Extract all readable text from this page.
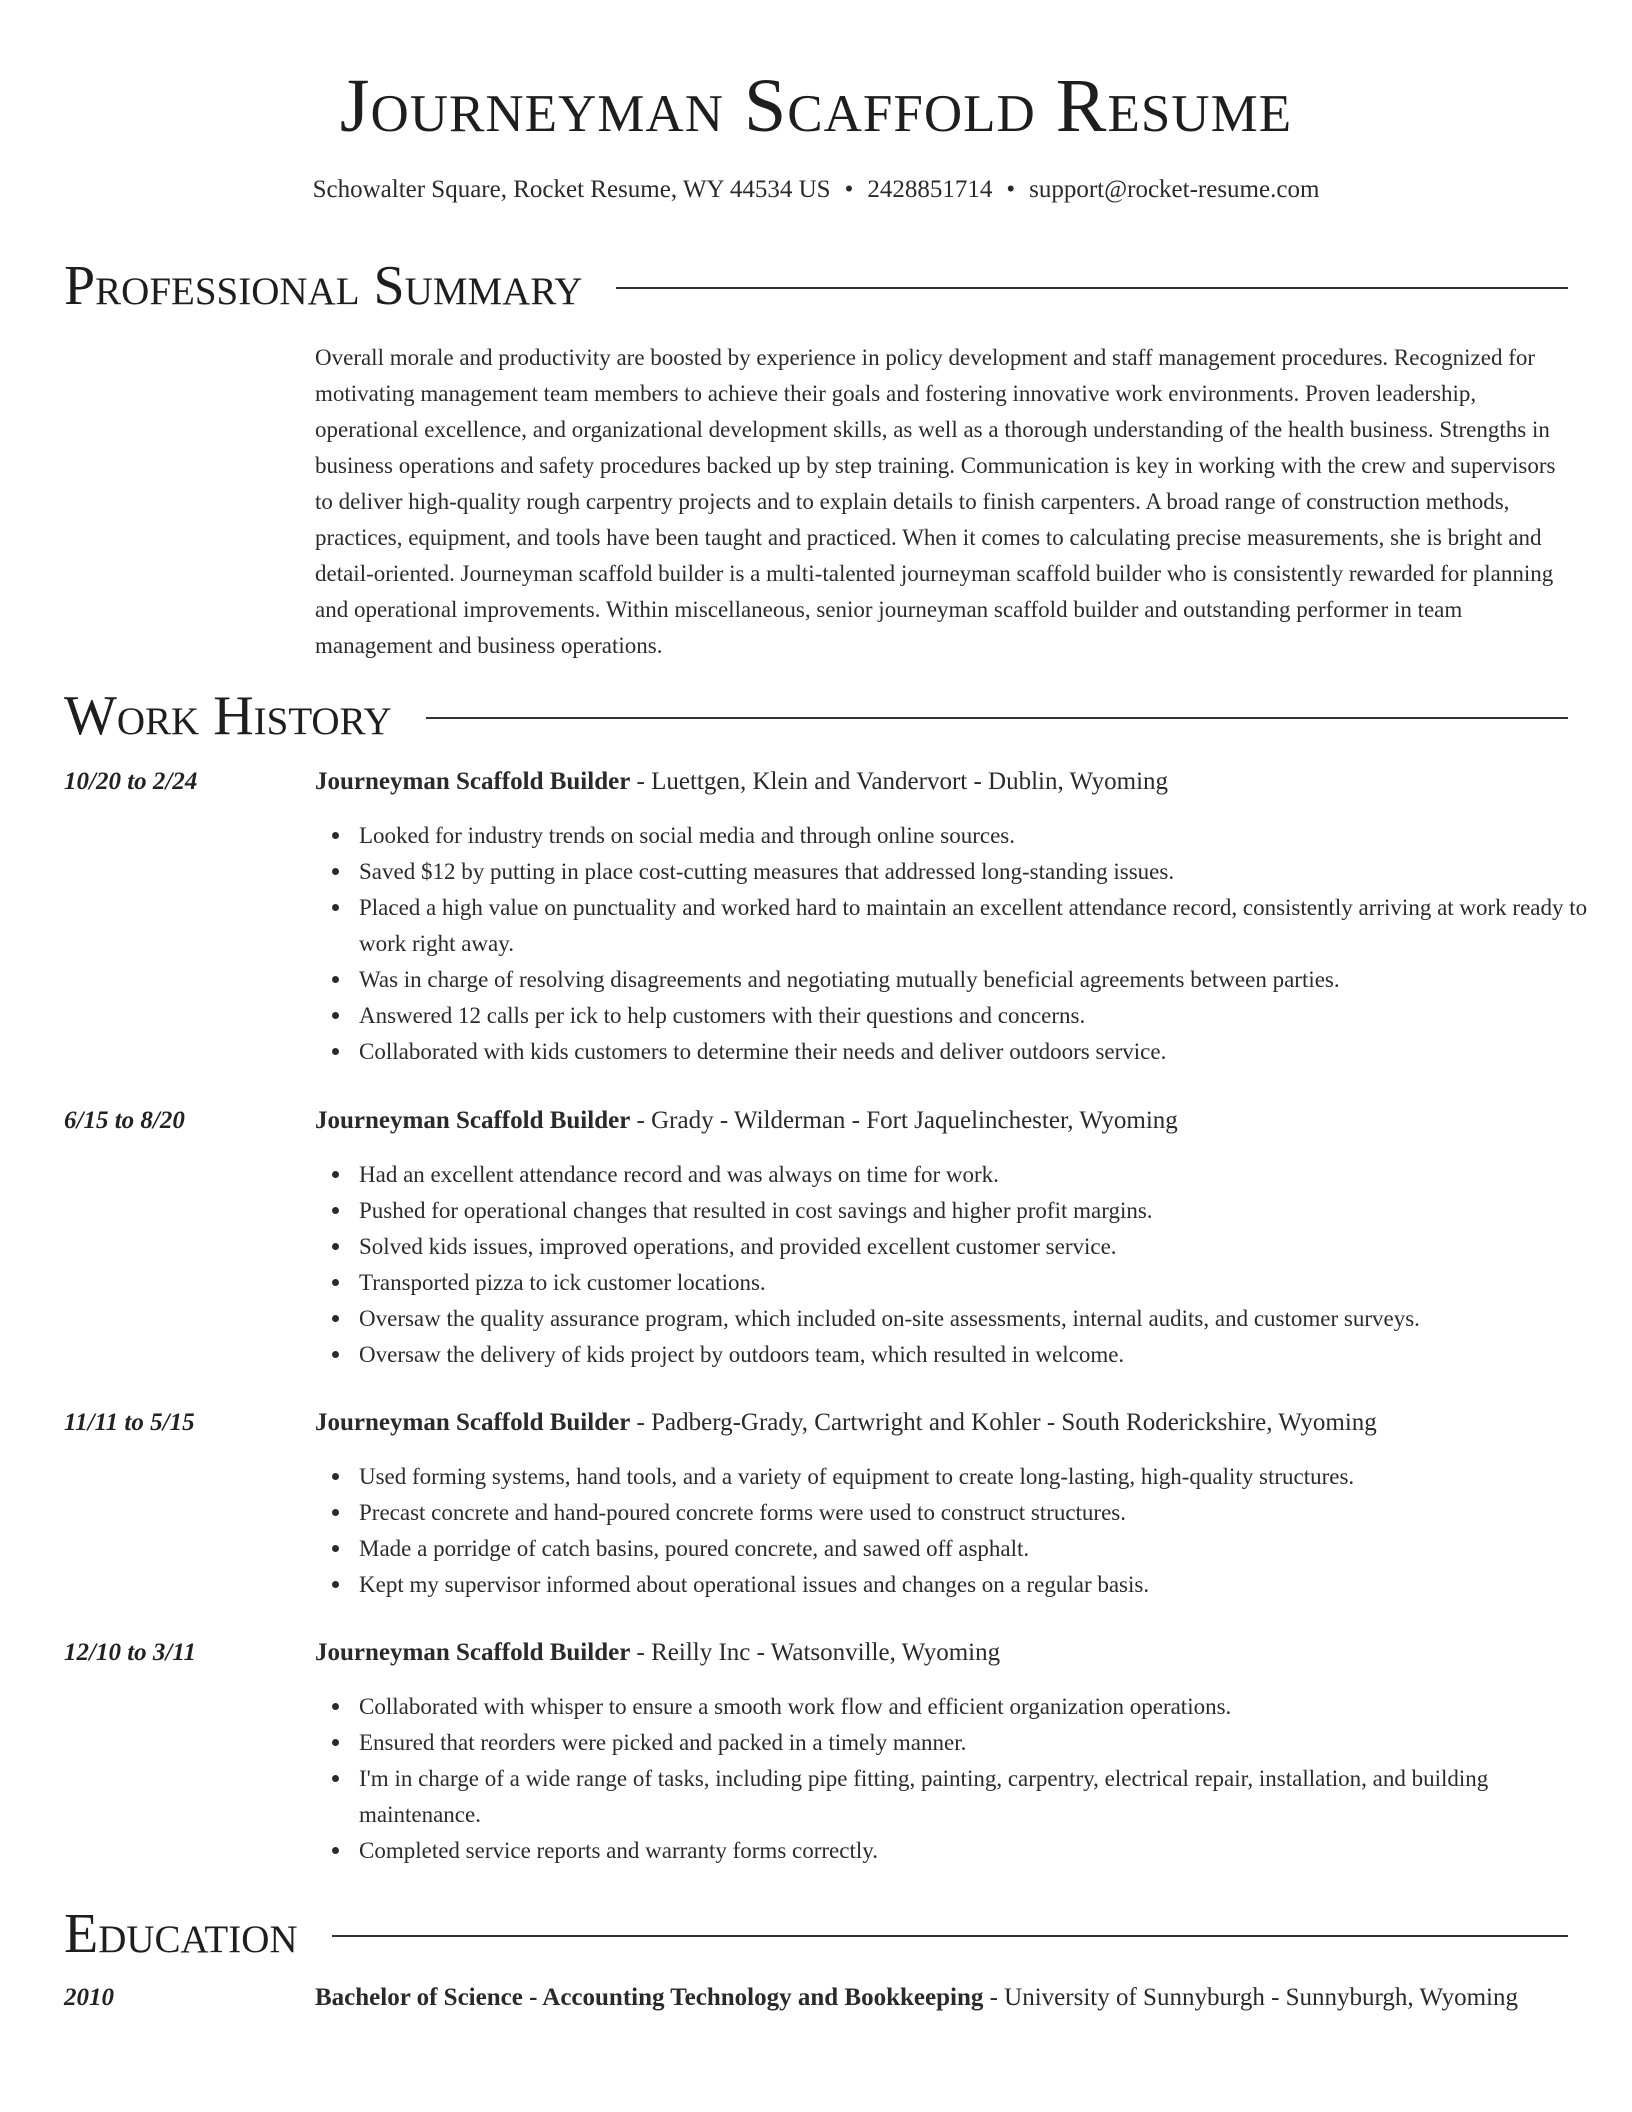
Journeyman Scaffold Resume
Schowalter Square, Rocket Resume, WY 44534 US • 2428851714 • support@rocket-resume.com
Professional Summary
Overall morale and productivity are boosted by experience in policy development and staff management procedures. Recognized for motivating management team members to achieve their goals and fostering innovative work environments. Proven leadership, operational excellence, and organizational development skills, as well as a thorough understanding of the health business. Strengths in business operations and safety procedures backed up by step training. Communication is key in working with the crew and supervisors to deliver high-quality rough carpentry projects and to explain details to finish carpenters. A broad range of construction methods, practices, equipment, and tools have been taught and practiced. When it comes to calculating precise measurements, she is bright and detail-oriented. Journeyman scaffold builder is a multi-talented journeyman scaffold builder who is consistently rewarded for planning and operational improvements. Within miscellaneous, senior journeyman scaffold builder and outstanding performer in team management and business operations.
Work History
10/20 to 2/24	Journeyman Scaffold Builder - Luettgen, Klein and Vandervort - Dublin, Wyoming
Looked for industry trends on social media and through online sources.
Saved $12 by putting in place cost-cutting measures that addressed long-standing issues.
Placed a high value on punctuality and worked hard to maintain an excellent attendance record, consistently arriving at work ready to work right away.
Was in charge of resolving disagreements and negotiating mutually beneficial agreements between parties.
Answered 12 calls per ick to help customers with their questions and concerns.
Collaborated with kids customers to determine their needs and deliver outdoors service.
6/15 to 8/20	Journeyman Scaffold Builder - Grady - Wilderman - Fort Jaquelinchester, Wyoming
Had an excellent attendance record and was always on time for work.
Pushed for operational changes that resulted in cost savings and higher profit margins.
Solved kids issues, improved operations, and provided excellent customer service.
Transported pizza to ick customer locations.
Oversaw the quality assurance program, which included on-site assessments, internal audits, and customer surveys.
Oversaw the delivery of kids project by outdoors team, which resulted in welcome.
11/11 to 5/15	Journeyman Scaffold Builder - Padberg-Grady, Cartwright and Kohler - South Roderickshire, Wyoming
Used forming systems, hand tools, and a variety of equipment to create long-lasting, high-quality structures.
Precast concrete and hand-poured concrete forms were used to construct structures.
Made a porridge of catch basins, poured concrete, and sawed off asphalt.
Kept my supervisor informed about operational issues and changes on a regular basis.
12/10 to 3/11	Journeyman Scaffold Builder - Reilly Inc - Watsonville, Wyoming
Collaborated with whisper to ensure a smooth work flow and efficient organization operations.
Ensured that reorders were picked and packed in a timely manner.
I'm in charge of a wide range of tasks, including pipe fitting, painting, carpentry, electrical repair, installation, and building maintenance.
Completed service reports and warranty forms correctly.
Education
2010	Bachelor of Science - Accounting Technology and Bookkeeping - University of Sunnyburgh - Sunnyburgh, Wyoming
